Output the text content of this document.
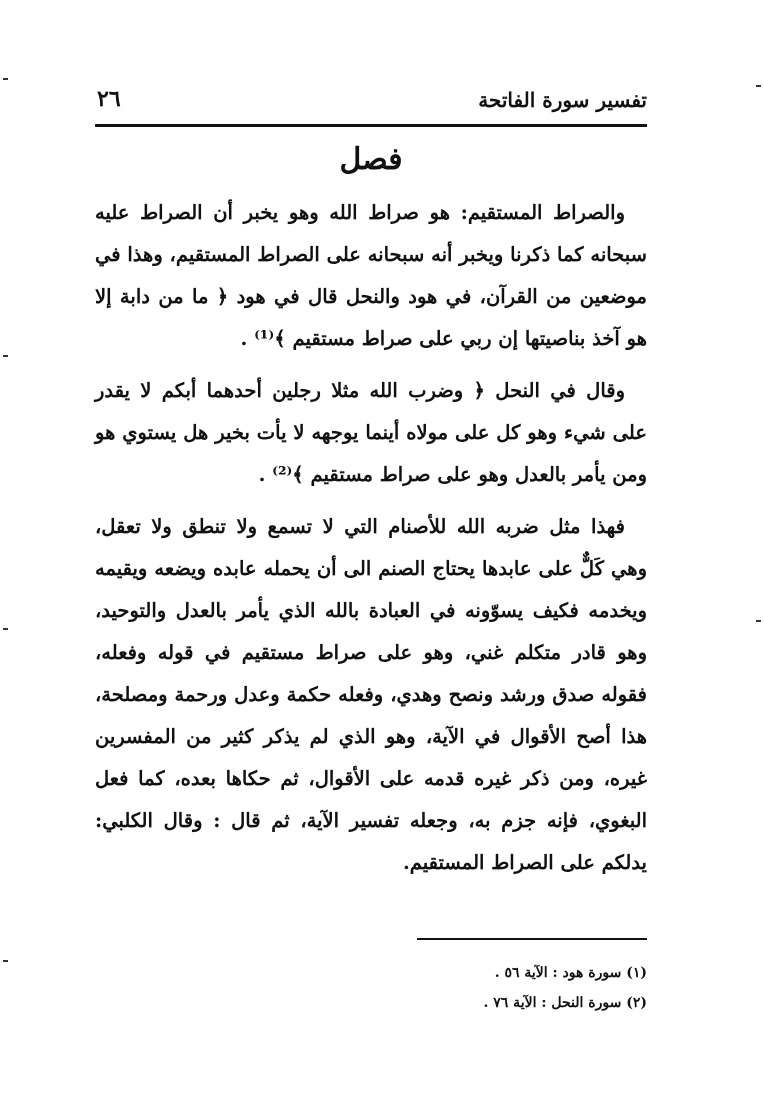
تفسير سورة الفاتحة
٢٦
فصل

والصراط المستقيم: هو صراط الله وهو يخبر أن الصراط عليه سبحانه كما ذكرنا ويخبر أنه سبحانه على الصراط المستقيم، وهذا في موضعين من القرآن، في هود والنحل قال في هود ﴿ ما من دابة إلا هو آخذ بناصيتها إن ربي على صراط مستقيم ﴾⁽¹⁾ .

وقال في النحل ﴿ وضرب الله مثلا رجلين أحدهما أبكم لا يقدر على شيء وهو كل على مولاه أينما يوجهه لا يأت بخير هل يستوي هو ومن يأمر بالعدل وهو على صراط مستقيم ﴾⁽²⁾ .

فهذا مثل ضربه الله للأصنام التي لا تسمع ولا تنطق ولا تعقل، وهي كَلٌّ على عابدها يحتاج الصنم الى أن يحمله عابده ويضعه ويقيمه ويخدمه فكيف يسوّونه في العبادة بالله الذي يأمر بالعدل والتوحيد، وهو قادر متكلم غني، وهو على صراط مستقيم في قوله وفعله، فقوله صدق ورشد ونصح وهدي، وفعله حكمة وعدل ورحمة ومصلحة، هذا أصح الأقوال في الآية، وهو الذي لم يذكر كثير من المفسرين غيره، ومن ذكر غيره قدمه على الأقوال، ثم حكاها بعده، كما فعل البغوي، فإنه جزم به، وجعله تفسير الآية، ثم قال : وقال الكلبي: يدلكم على الصراط المستقيم.

(١) سورة هود : الآية ٥٦ .
(٢) سورة النحل : الآية ٧٦ .
